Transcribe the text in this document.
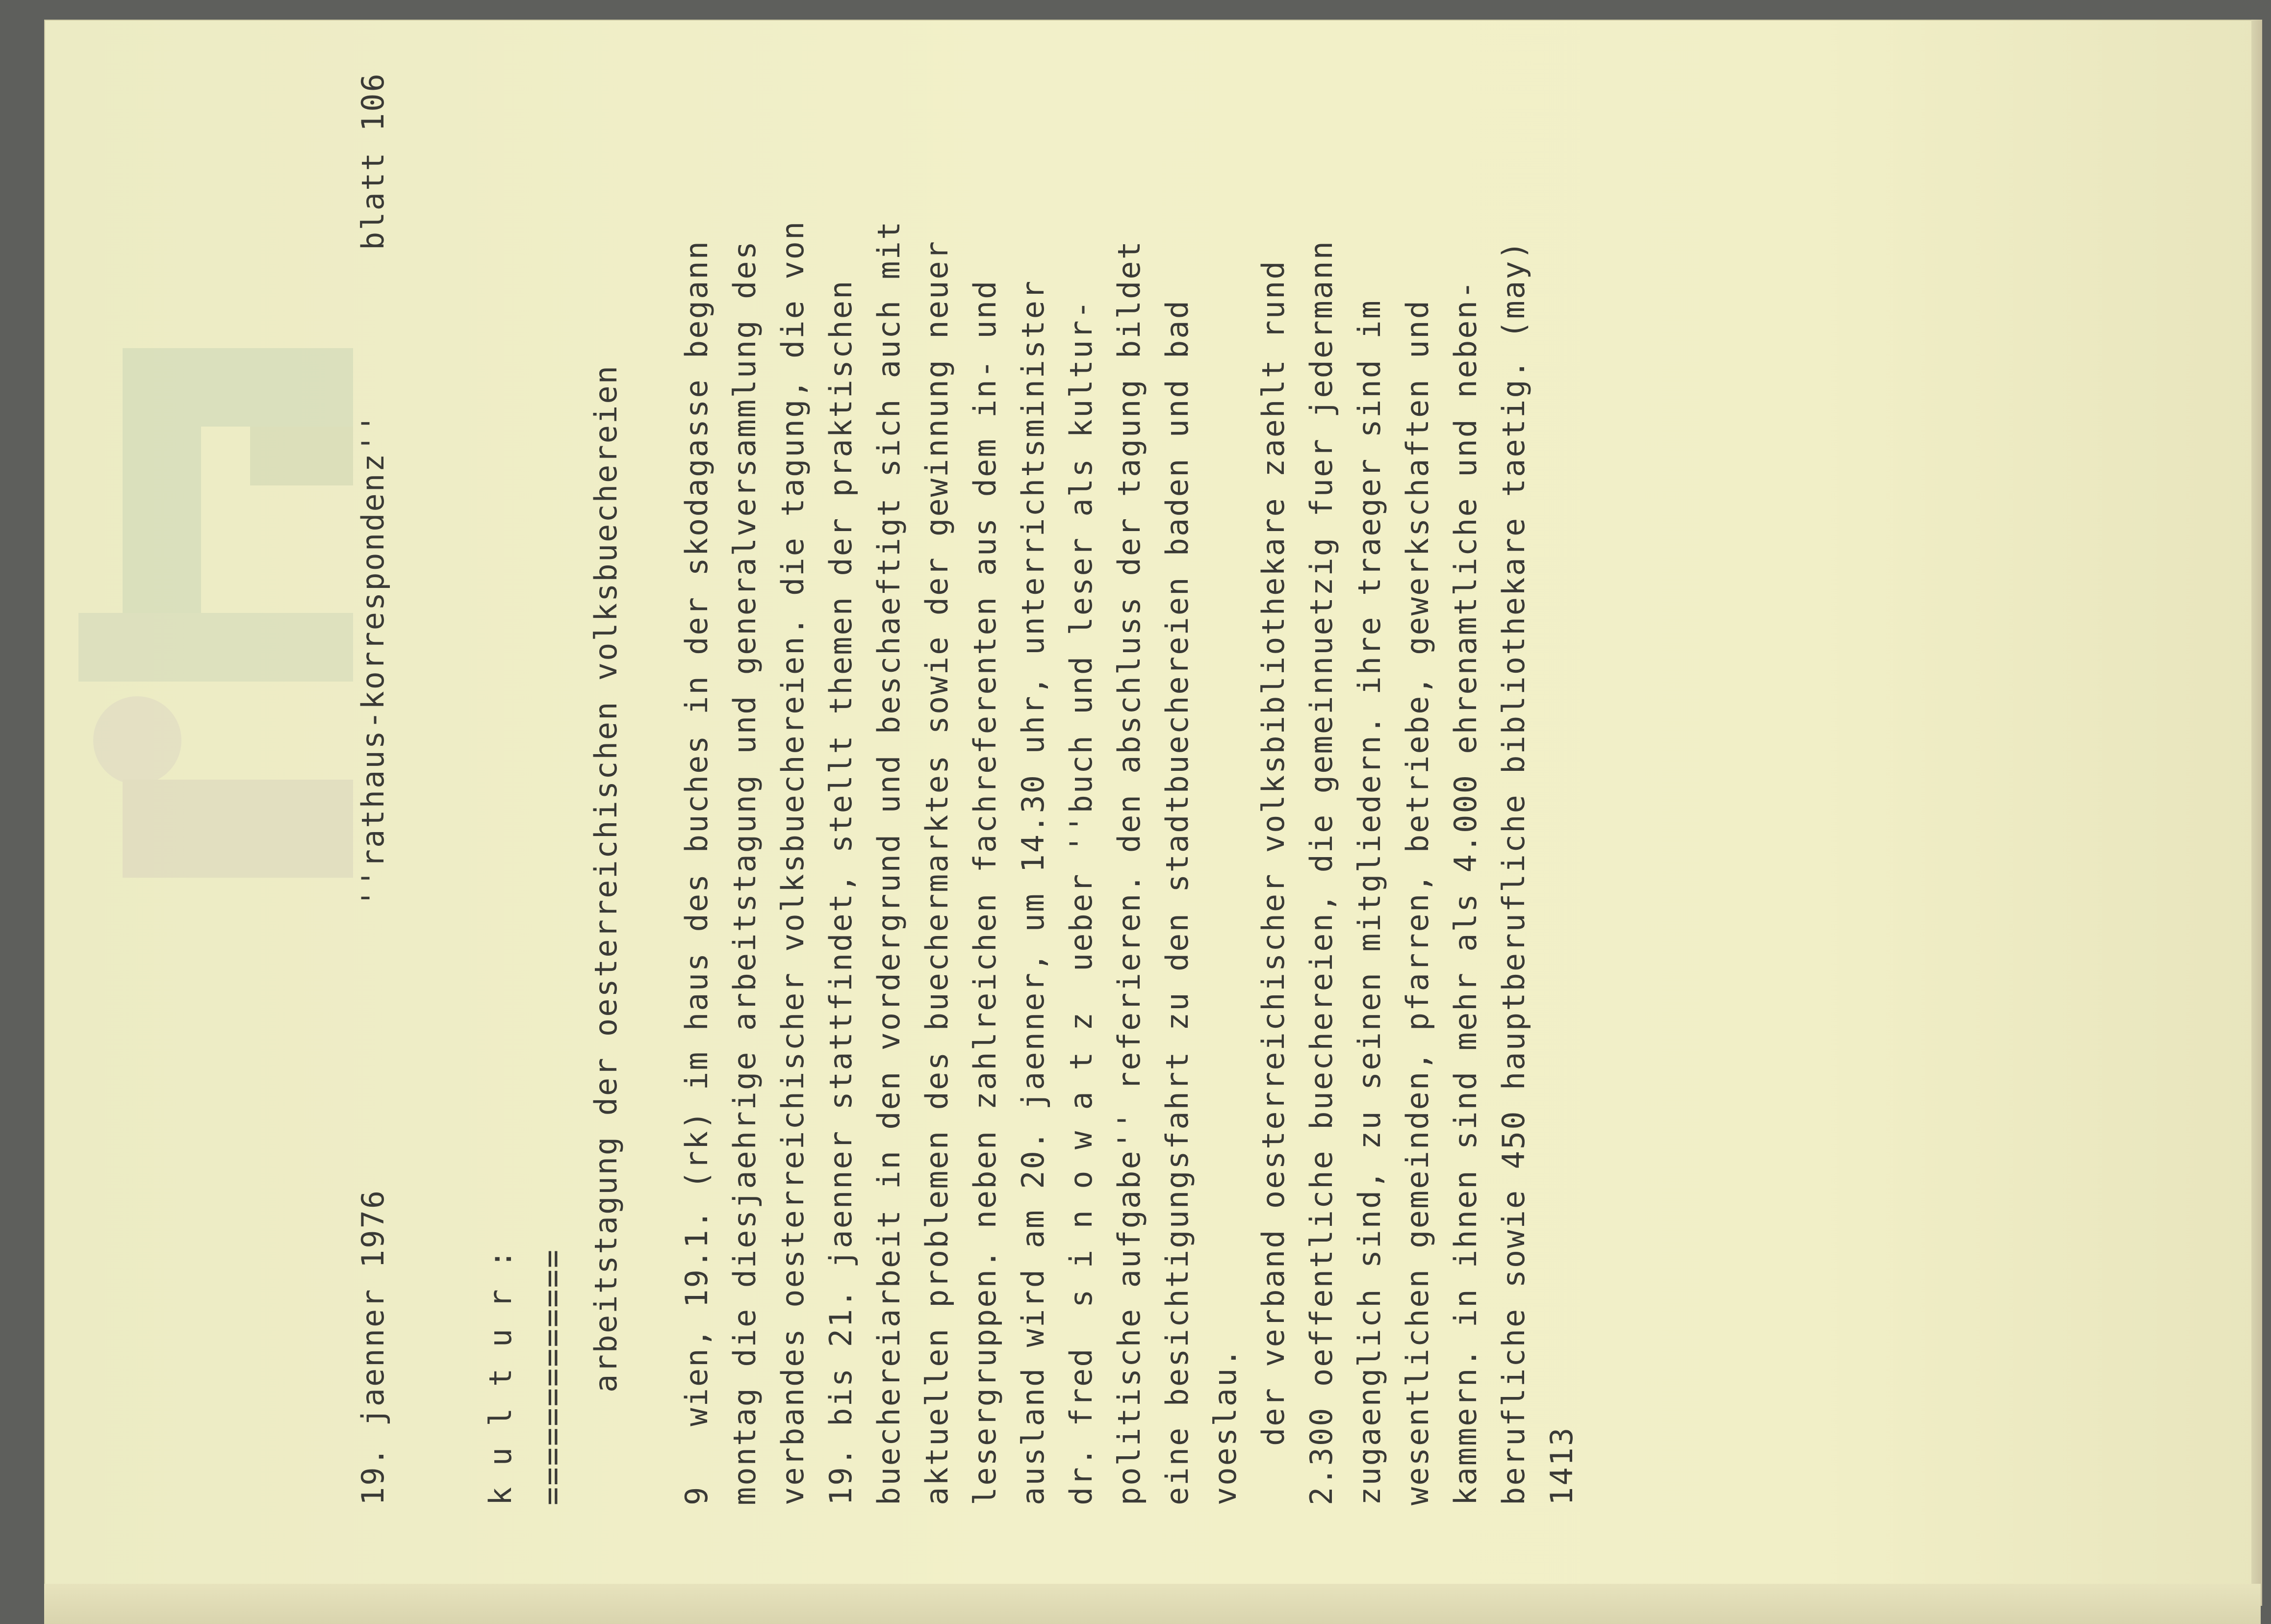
19. jaenner 1976
''rathaus-korrespondenz''
blatt 106
k u l t u r : ============= arbeitstagung der oesterreichischen volksbuechereien 9   wien, 19.1. (rk) im haus des buches in der skodagasse begann montag die diesjaehrige arbeitstagung und generalversammlung des verbandes oesterreichischer volksbuechereien. die tagung, die von 19. bis 21. jaenner stattfindet, stellt themen der praktischen buechereiarbeit in den vordergrund und beschaeftigt sich auch mit aktuellen problemen des buechermarktes sowie der gewinnung neuer lesergruppen. neben zahlreichen fachreferenten aus dem in- und ausland wird am 20. jaenner, um 14.30 uhr, unterrichtsminister dr. fred  s i n o w a t z  ueber ''buch und leser als kultur- politische aufgabe'' referieren. den abschluss der tagung bildet eine besichtigungsfahrt zu den stadtbuechereien baden und bad voeslau. der verband oesterreichischer volksbibliothekare zaehlt rund 2.300 oeffentliche buechereien, die gemeinnuetzig fuer jedermann zugaenglich sind, zu seinen mitgliedern. ihre traeger sind im wesentlichen gemeinden, pfarren, betriebe, gewerkschaften und kammern. in ihnen sind mehr als 4.000 ehrenamtliche und neben- berufliche sowie 450 hauptberufliche bibliothekare taetig. (may) 1413
